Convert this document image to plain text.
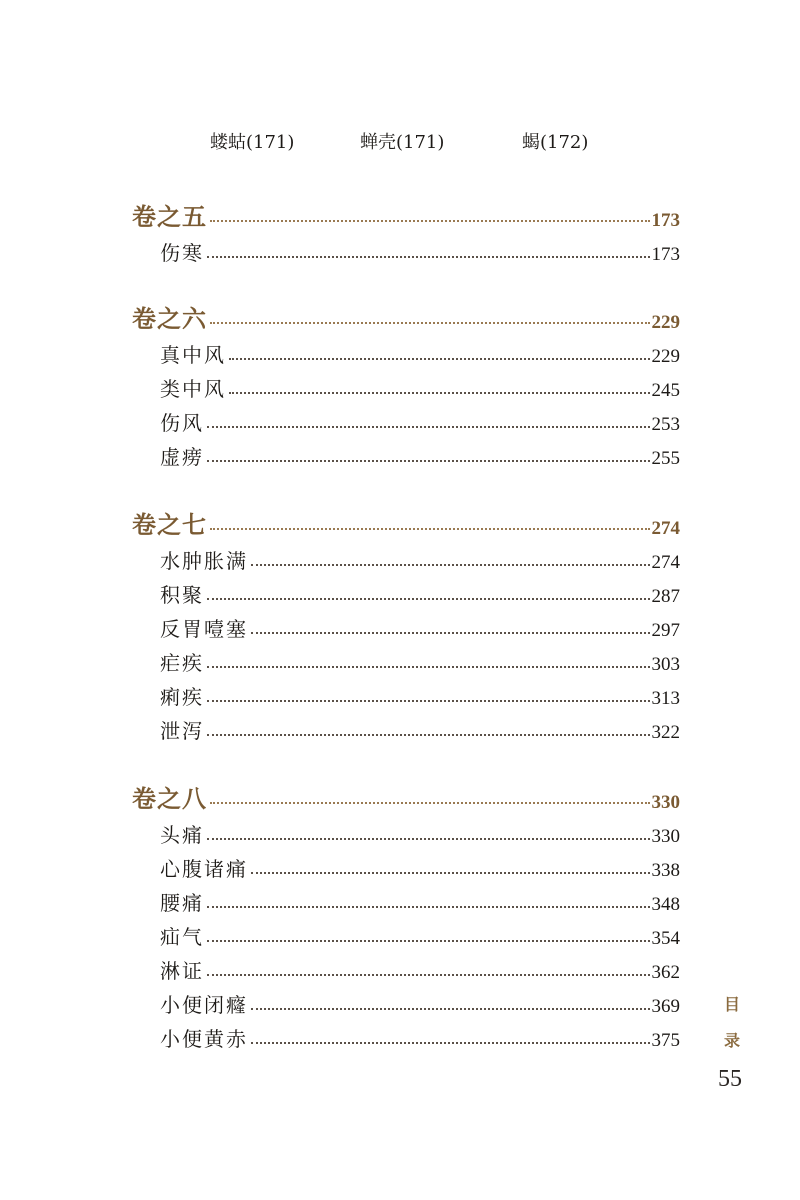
蝼蛄(171)	蝉壳(171)	蝎(172)
卷之五	173
伤寒	173
卷之六	229
真中风	229
类中风	245
伤风	253
虚痨	255
卷之七	274
水肿胀满	274
积聚	287
反胃噎塞	297
疟疾	303
痢疾	313
泄泻	322
卷之八	330
头痛	330
心腹诸痛	338
腰痛	348
疝气	354
淋证	362
小便闭癃	369
小便黄赤	375
目
录
55
